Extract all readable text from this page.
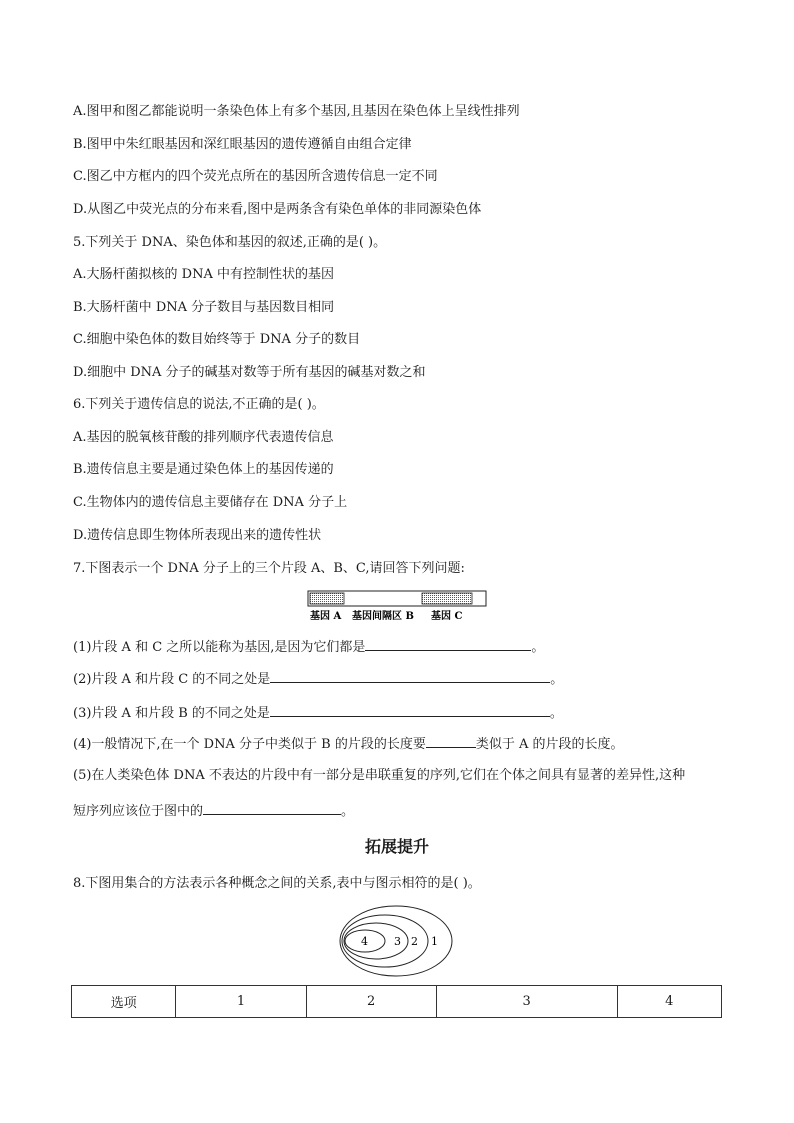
A.图甲和图乙都能说明一条染色体上有多个基因,且基因在染色体上呈线性排列
B.图甲中朱红眼基因和深红眼基因的遗传遵循自由组合定律
C.图乙中方框内的四个荧光点所在的基因所含遗传信息一定不同
D.从图乙中荧光点的分布来看,图中是两条含有染色单体的非同源染色体
5.下列关于 DNA、染色体和基因的叙述,正确的是( )。
A.大肠杆菌拟核的 DNA 中有控制性状的基因
B.大肠杆菌中 DNA 分子数目与基因数目相同
C.细胞中染色体的数目始终等于 DNA 分子的数目
D.细胞中 DNA 分子的碱基对数等于所有基因的碱基对数之和
6.下列关于遗传信息的说法,不正确的是( )。
A.基因的脱氧核苷酸的排列顺序代表遗传信息
B.遗传信息主要是通过染色体上的基因传递的
C.生物体内的遗传信息主要储存在 DNA 分子上
D.遗传信息即生物体所表现出来的遗传性状
7.下图表示一个 DNA 分子上的三个片段 A、B、C,请回答下列问题:
基因 A 基因间隔区 B 基因 C
(1)片段 A 和 C 之所以能称为基因,是因为它们都是	。
(2)片段 A 和片段 C 的不同之处是	。
(3)片段 A 和片段 B 的不同之处是	。
(4)一般情况下,在一个 DNA 分子中类似于 B 的片段的长度要	类似于 A 的片段的长度。
(5)在人类染色体 DNA 不表达的片段中有一部分是串联重复的序列,它们在个体之间具有显著的差异性,这种
短序列应该位于图中的	。
拓展提升
8.下图用集合的方法表示各种概念之间的关系,表中与图示相符的是( )。
4 3 2 1
选项	1	2	3	4
